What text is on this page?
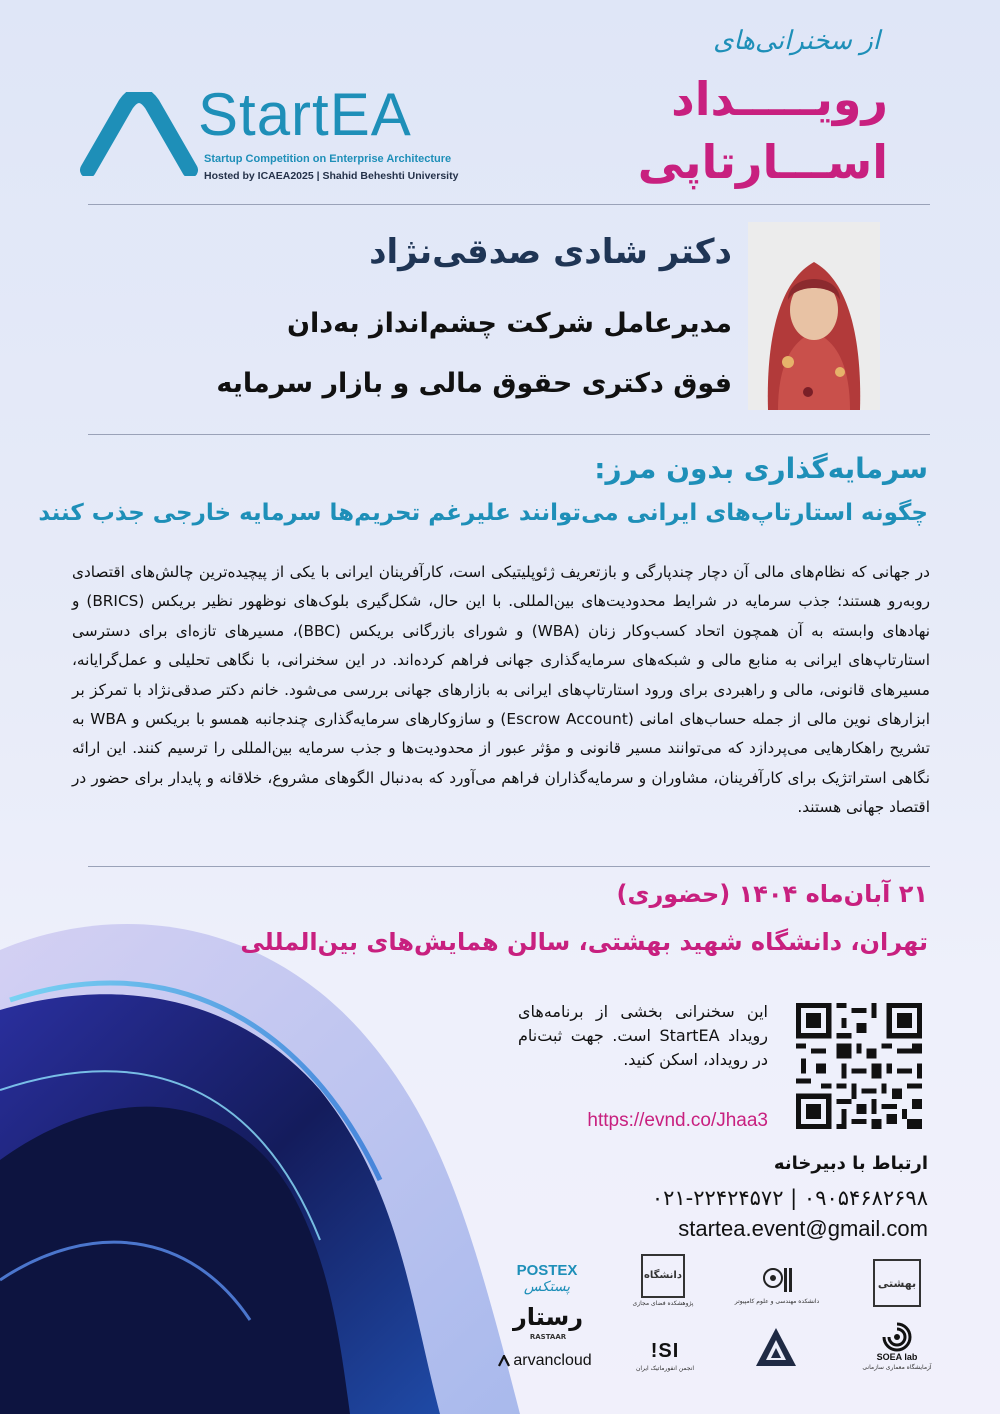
StartEA
Startup Competition on Enterprise Architecture
Hosted by ICAEA2025 | Shahid Beheshti University
از سخنرانی‌های
رویـــــداد
اســـارتاپی
دکتر شادی صدقی‌نژاد
مدیرعامل شرکت چشم‌انداز به‌دان
فوق دکتری حقوق مالی و بازار سرمایه
سرمایه‌گذاری بدون مرز:
چگونه استارتاپ‌های ایرانی می‌توانند علیرغم تحریم‌ها سرمایه خارجی جذب کنند
در جهانی که نظام‌های مالی آن دچار چندپارگی و بازتعریف ژئوپلیتیکی است، کارآفرینان ایرانی با یکی از پیچیده‌ترین چالش‌های اقتصادی روبه‌رو هستند؛ جذب سرمایه در شرایط محدودیت‌های بین‌المللی. با این حال، شکل‌گیری بلوک‌های نوظهور نظیر بریکس (BRICS) و نهادهای وابسته به آن همچون اتحاد کسب‌وکار زنان (WBA) و شورای بازرگانی بریکس (BBC)، مسیرهای تازه‌ای برای دسترسی استارتاپ‌های ایرانی به منابع مالی و شبکه‌های سرمایه‌گذاری جهانی فراهم کرده‌اند. در این سخنرانی، با نگاهی تحلیلی و عمل‌گرایانه، مسیرهای قانونی، مالی و راهبردی برای ورود استارتاپ‌های ایرانی به بازارهای جهانی بررسی می‌شود. خانم دکتر صدقی‌نژاد با تمرکز بر ابزارهای نوین مالی از جمله حساب‌های امانی (Escrow Account) و سازوکارهای سرمایه‌گذاری چندجانبه همسو با بریکس و WBA به تشریح راهکارهایی می‌پردازد که می‌توانند مسیر قانونی و مؤثر عبور از محدودیت‌ها و جذب سرمایه بین‌المللی را ترسیم کنند. این ارائه نگاهی استراتژیک برای کارآفرینان، مشاوران و سرمایه‌گذاران فراهم می‌آورد که به‌دنبال الگوهای مشروع، خلاقانه و پایدار برای حضور در اقتصاد جهانی هستند.
۲۱ آبان‌ماه ۱۴۰۴ (حضوری)
تهران، دانشگاه شهید بهشتی، سالن همایش‌های بین‌المللی
این سخنرانی بخشی از برنامه‌های رویداد StartEA است. جهت ثبت‌نام در رویداد، اسکن کنید.
https://evnd.co/Jhaa3
ارتباط با دبیرخانه
۰۲۱-۲۲۴۲۴۵۷۲ | ۰۹۰۵۴۶۸۲۶۹۸
startea.event@gmail.com
POSTEX
پستکس
رستار
RASTAAR
arvancloud
دانشگاه
پژوهشکده فضای مجازی
!SI
انجمن انفورماتیک ایران
دانشکده مهندسی و علوم کامپیوتر
بهشتی
SOEA lab
آزمایشگاه معماری سازمانی
